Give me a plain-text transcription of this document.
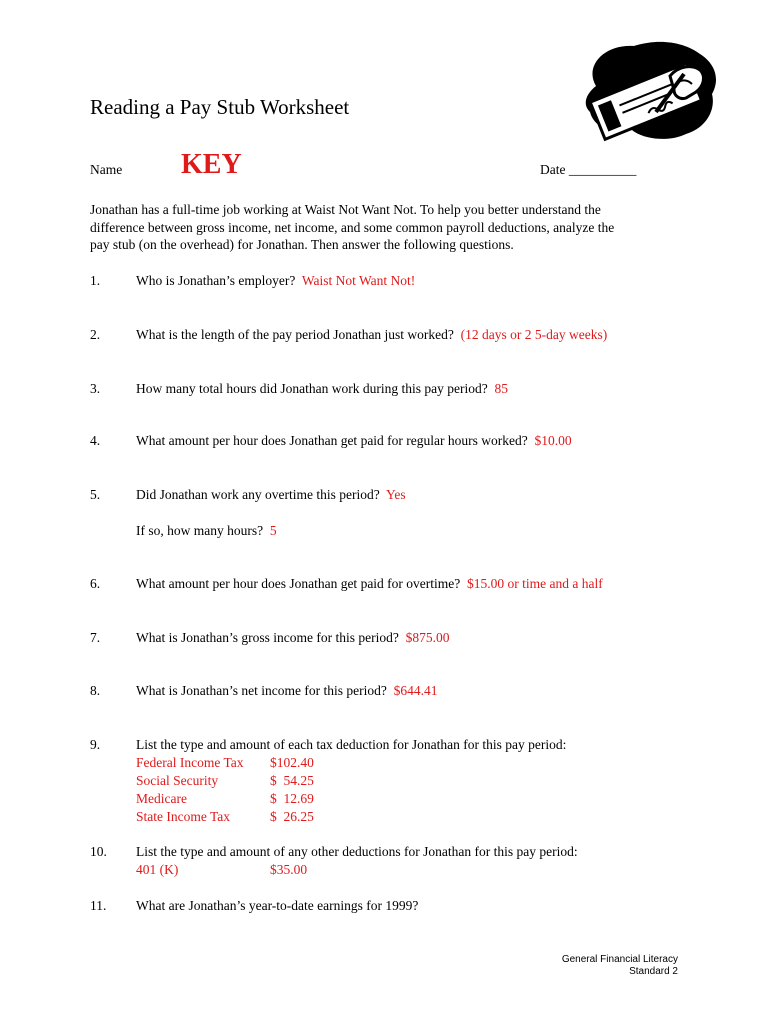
Reading a Pay Stub Worksheet
Name KEY	Date __________

Jonathan has a full-time job working at Waist Not Want Not. To help you better understand the

difference between gross income, net income, and some common payroll deductions, analyze the

pay stub (on the overhead) for Jonathan. Then answer the following questions.

1.	Who is Jonathan’s employer? Waist Not Want Not!
2.	What is the length of the pay period Jonathan just worked? (12 days or 2 5-day weeks)
3.	How many total hours did Jonathan work during this pay period? 85
4.	What amount per hour does Jonathan get paid for regular hours worked? $10.00
5.	Did Jonathan work any overtime this period? Yes
If so, how many hours? 5
6.	What amount per hour does Jonathan get paid for overtime? $15.00 or time and a half
7.	What is Jonathan’s gross income for this period? $875.00
8.	What is Jonathan’s net income for this period? $644.41
9.	List the type and amount of each tax deduction for Jonathan for this pay period:
Federal Income Tax $102.40
Social Security	$  54.25
Medicare	$  12.69
State Income Tax	$  26.25
10.	List the type and amount of any other deductions for Jonathan for this pay period:
401 (K)	$35.00
11.	What are Jonathan’s year-to-date earnings for 1999?
General Financial Literacy
Standard 2
